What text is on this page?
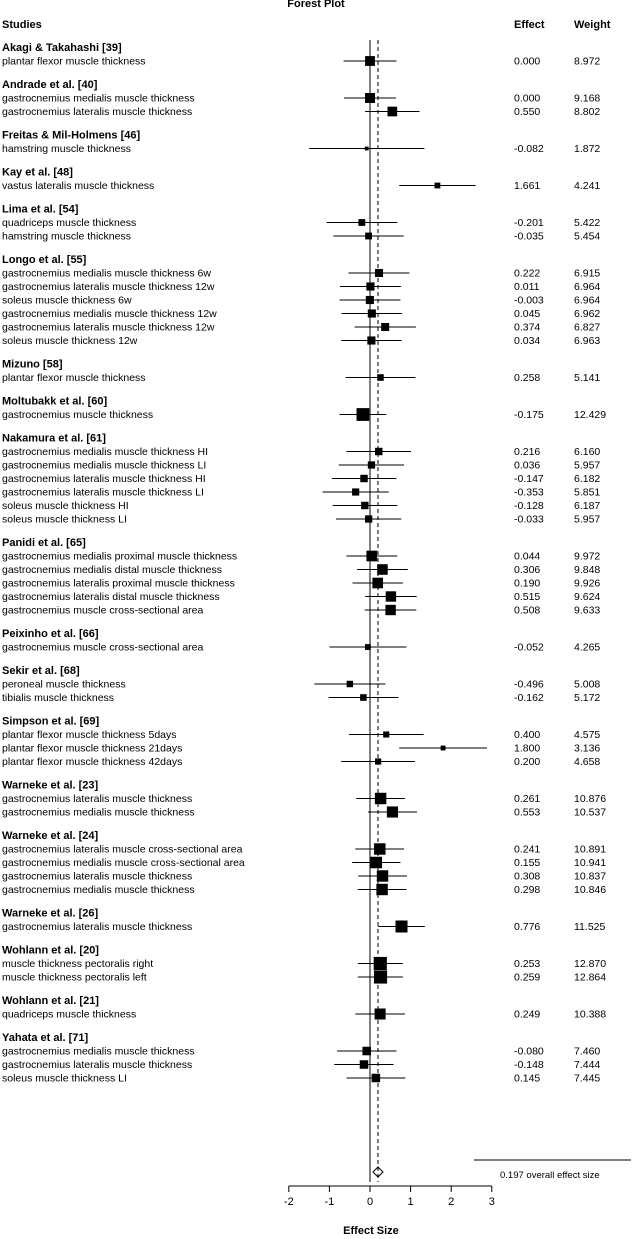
Forest Plot
Studies	Effect	Weight
Akagi & Takahashi [39]
plantar flexor muscle thickness	0.000	8.972
Andrade et al. [40]
gastrocnemius medialis muscle thickness	0.000	9.168
gastrocnemius lateralis muscle thickness	0.550	8.802
Freitas & Mil-Holmens [46]
hamstring muscle thickness	-0.082	1.872
Kay et al. [48]
vastus lateralis muscle thickness	1.661	4.241
Lima et al. [54]
quadriceps muscle thickness	-0.201	5.422
hamstring muscle thickness	-0.035	5.454
Longo et al. [55]
gastrocnemius medialis muscle thickness 6w	0.222	6.915
gastrocnemius lateralis muscle thickness 12w	0.011	6.964
soleus muscle thickness 6w	-0.003	6.964
gastrocnemius medialis muscle thickness 12w	0.045	6.962
gastrocnemius lateralis muscle thickness 12w	0.374	6.827
soleus muscle thickness 12w	0.034	6.963
Mizuno [58]
plantar flexor muscle thickness	0.258	5.141
Moltubakk et al. [60]
gastrocnemius muscle thickness	-0.175	12.429
Nakamura et al. [61]
gastrocnemius medialis muscle thickness HI	0.216	6.160
gastrocnemius medialis muscle thickness LI	0.036	5.957
gastrocnemius lateralis muscle thickness HI	-0.147	6.182
gastrocnemius lateralis muscle thickness LI	-0.353	5.851
soleus muscle thickness HI	-0.128	6.187
soleus muscle thickness LI	-0.033	5.957
Panidi et al. [65]
gastrocnemius medialis proximal muscle thickness	0.044	9.972
gastrocnemius medialis distal muscle thickness	0.306	9.848
gastrocnemius lateralis proximal muscle thickness	0.190	9.926
gastrocnemius lateralis distal muscle thickness	0.515	9.624
gastrocnemius muscle cross-sectional area	0.508	9.633
Peixinho et al. [66]
gastrocnemius muscle cross-sectional area	-0.052	4.265
Sekir et al. [68]
peroneal muscle thickness	-0.496	5.008
tibialis muscle thickness	-0.162	5.172
Simpson et al. [69]
plantar flexor muscle thickness 5days	0.400	4.575
plantar flexor muscle thickness 21days	1.800	3.136
plantar flexor muscle thickness 42days	0.200	4.658
Warneke et al. [23]
gastrocnemius lateralis muscle thickness	0.261	10.876
gastrocnemius medialis muscle thickness	0.553	10.537
Warneke et al. [24]
gastrocnemius lateralis muscle cross-sectional area	0.241	10.891
gastrocnemius medialis muscle cross-sectional area	0.155	10.941
gastrocnemius lateralis muscle thickness	0.308	10.837
gastrocnemius medialis muscle thickness	0.298	10.846
Warneke et al. [26]
gastrocnemius lateralis muscle thickness	0.776	11.525
Wohlann et al. [20]
muscle thickness pectoralis right	0.253	12.870
muscle thickness pectoralis left	0.259	12.864
Wohlann et al. [21]
quadriceps muscle thickness	0.249	10.388
Yahata et al. [71]
gastrocnemius medialis muscle thickness	-0.080	7.460
gastrocnemius lateralis muscle thickness	-0.148	7.444
soleus muscle thickness LI	0.145	7.445
0.197 overall effect size
-2	-1	0	1	2	3
Effect Size
